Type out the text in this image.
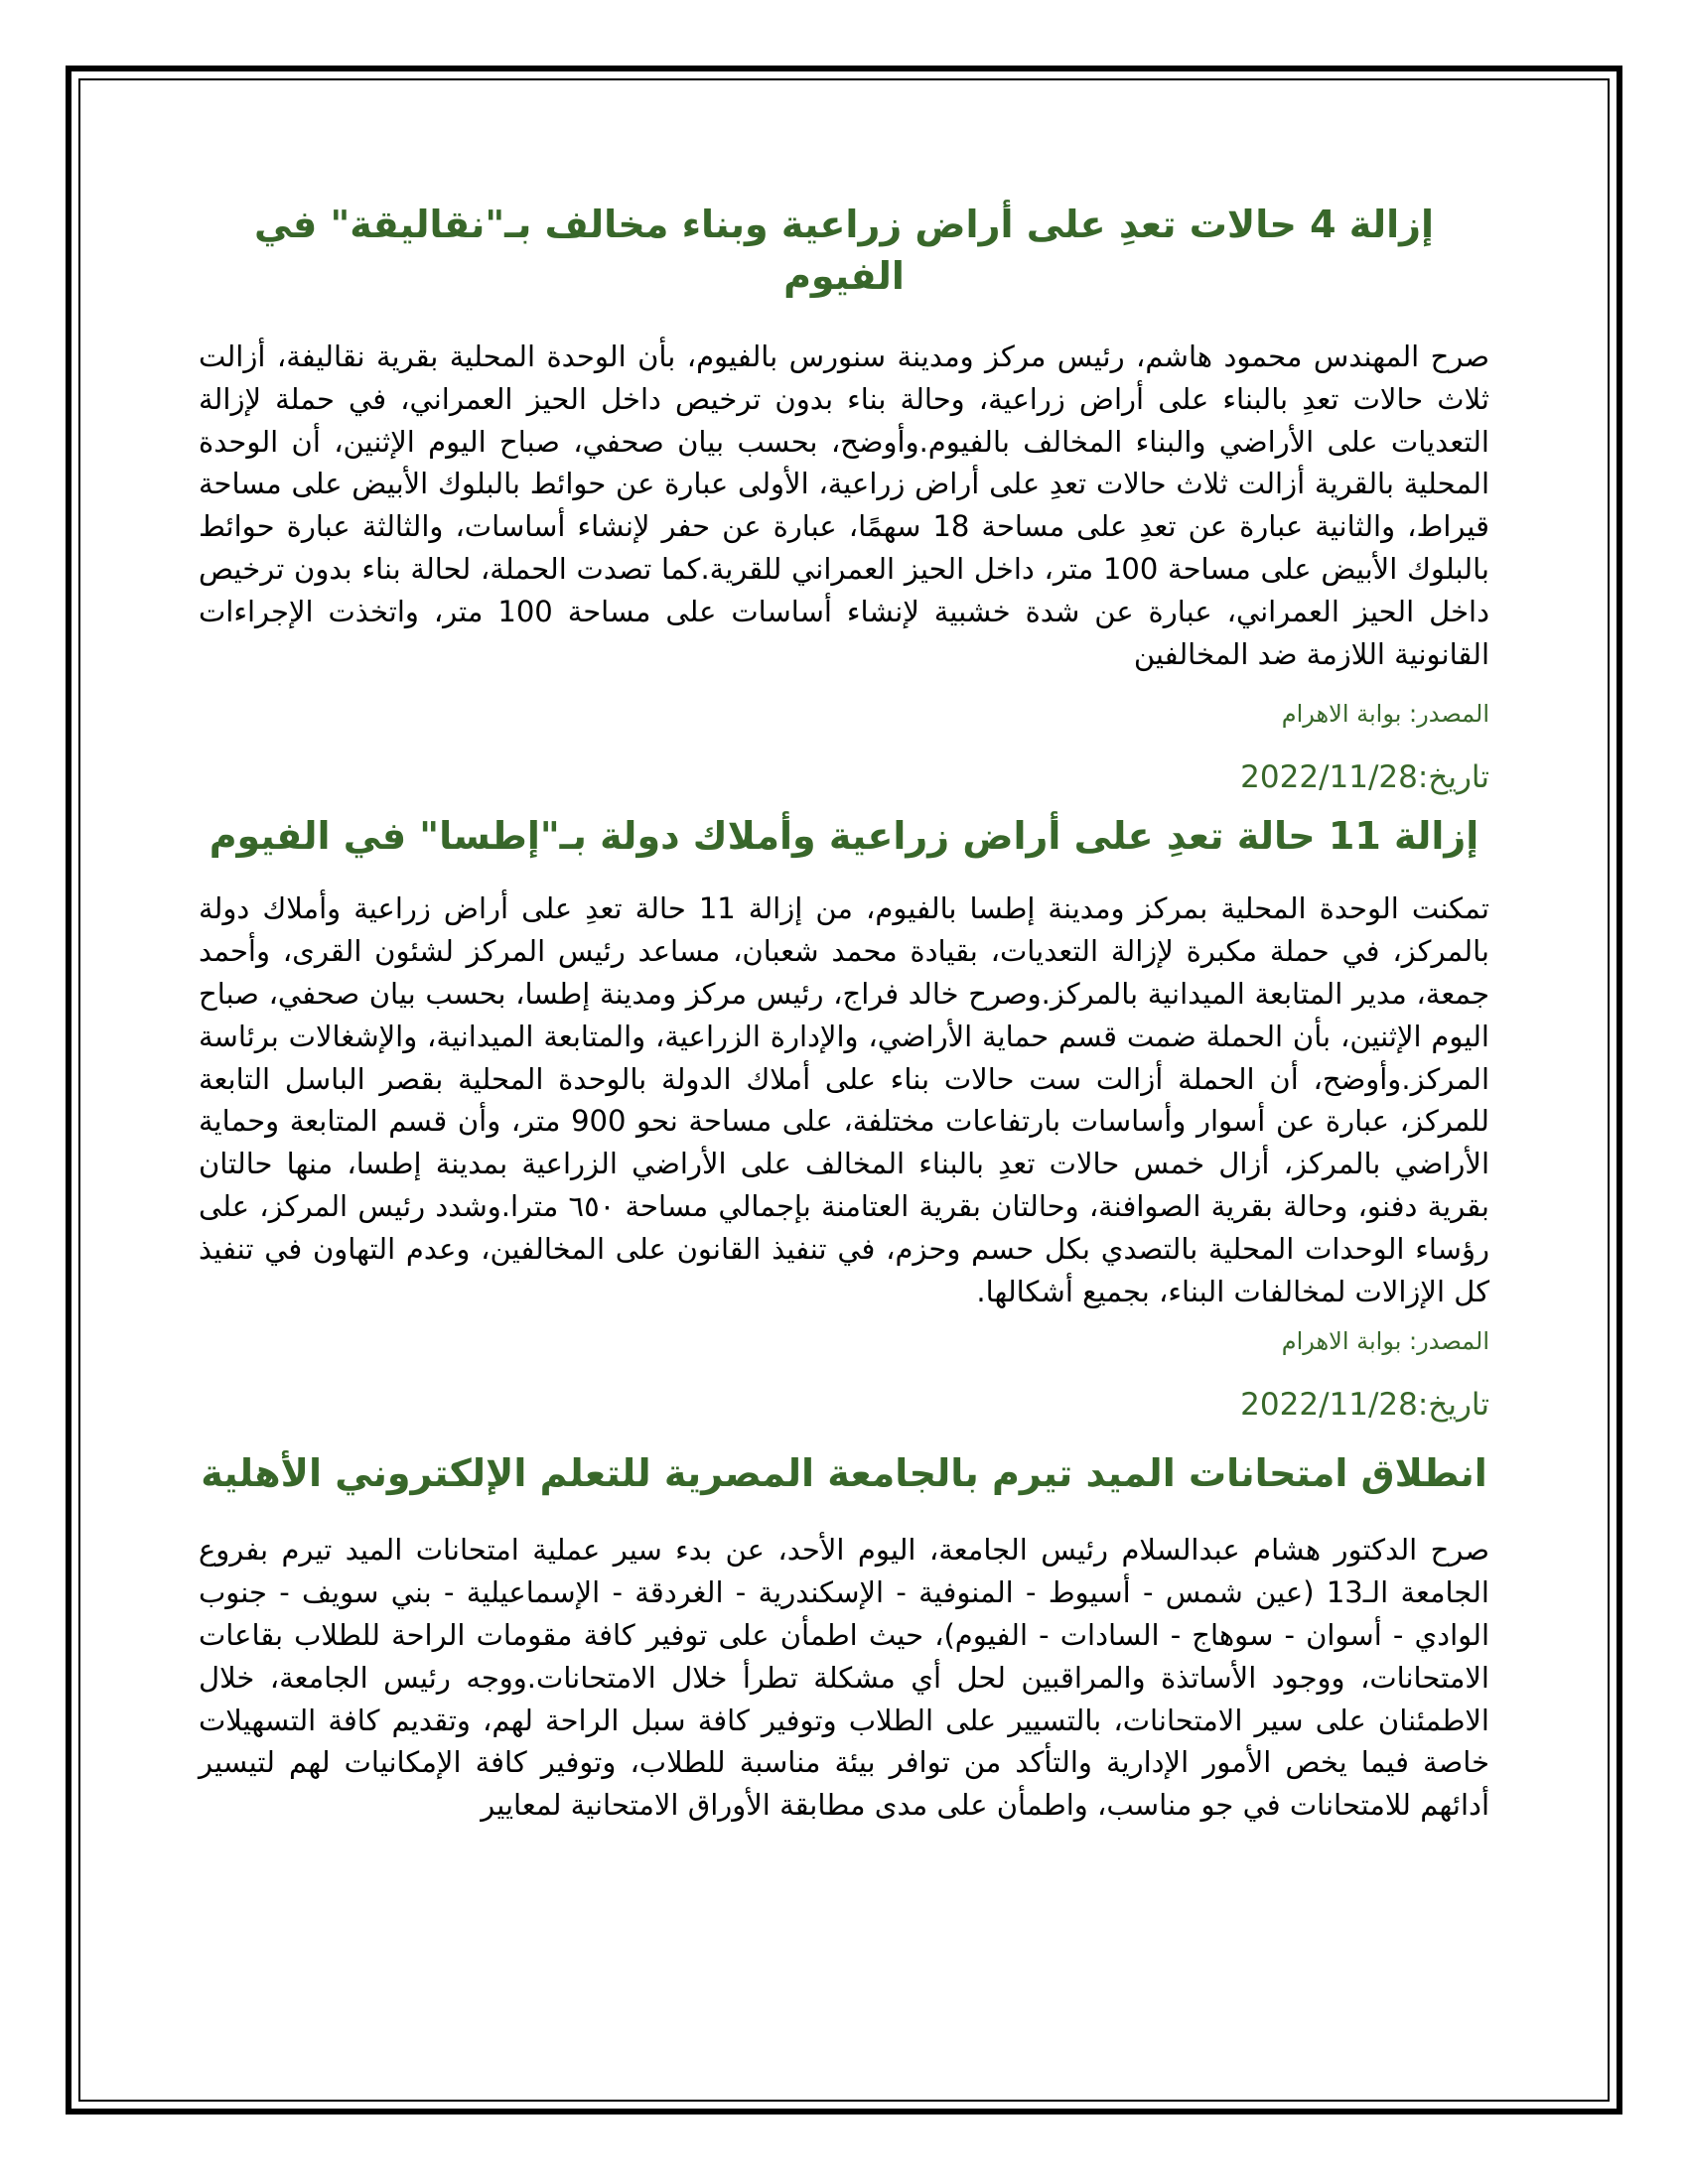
إزالة 4 حالات تعدِ على أراض زراعية وبناء مخالف بـ"نقاليقة" في الفيوم

صرح المهندس محمود هاشم، رئيس مركز ومدينة سنورس بالفيوم، بأن الوحدة المحلية بقرية نقاليفة، أزالت ثلاث حالات تعدِ بالبناء على أراض زراعية، وحالة بناء بدون ترخيص داخل الحيز العمراني، في حملة لإزالة التعديات على الأراضي والبناء المخالف بالفيوم.وأوضح، بحسب بيان صحفي، صباح اليوم الإثنين، أن الوحدة المحلية بالقرية أزالت ثلاث حالات تعدِ على أراض زراعية، الأولى عبارة عن حوائط بالبلوك الأبيض على مساحة قيراط، والثانية عبارة عن تعدِ على مساحة 18 سهمًا، عبارة عن حفر لإنشاء أساسات، والثالثة عبارة حوائط بالبلوك الأبيض على مساحة 100 متر، داخل الحيز العمراني للقرية.كما تصدت الحملة، لحالة بناء بدون ترخيص داخل الحيز العمراني، عبارة عن شدة خشبية لإنشاء أساسات على مساحة 100 متر، واتخذت الإجراءات القانونية اللازمة ضد المخالفين

المصدر: بوابة الاهرام

تاريخ:2022/11/28

إزالة 11 حالة تعدِ على أراض زراعية وأملاك دولة بـ"إطسا" في الفيوم

تمكنت الوحدة المحلية بمركز ومدينة إطسا بالفيوم، من إزالة 11 حالة تعدِ على أراض زراعية وأملاك دولة بالمركز، في حملة مكبرة لإزالة التعديات، بقيادة محمد شعبان، مساعد رئيس المركز لشئون القرى، وأحمد جمعة، مدير المتابعة الميدانية بالمركز.وصرح خالد فراج، رئيس مركز ومدينة إطسا، بحسب بيان صحفي، صباح اليوم الإثنين، بأن الحملة ضمت قسم حماية الأراضي، والإدارة الزراعية، والمتابعة الميدانية، والإشغالات برئاسة المركز.وأوضح، أن الحملة أزالت ست حالات بناء على أملاك الدولة بالوحدة المحلية بقصر الباسل التابعة للمركز، عبارة عن أسوار وأساسات بارتفاعات مختلفة، على مساحة نحو 900 متر، وأن قسم المتابعة وحماية الأراضي بالمركز، أزال خمس حالات تعدِ بالبناء المخالف على الأراضي الزراعية بمدينة إطسا، منها حالتان بقرية دفنو، وحالة بقرية الصوافنة، وحالتان بقرية العتامنة بإجمالي مساحة ٦٥٠ مترا.وشدد رئيس المركز، على رؤساء الوحدات المحلية بالتصدي بكل حسم وحزم، في تنفيذ القانون على المخالفين، وعدم التهاون في تنفيذ كل الإزالات لمخالفات البناء، بجميع أشكالها.

المصدر: بوابة الاهرام

تاريخ:2022/11/28

انطلاق امتحانات الميد تيرم بالجامعة المصرية للتعلم الإلكتروني الأهلية

صرح الدكتور هشام عبدالسلام رئيس الجامعة، اليوم الأحد، عن بدء سير عملية امتحانات الميد تيرم بفروع الجامعة الـ13 (عين شمس - أسيوط - المنوفية - الإسكندرية - الغردقة - الإسماعيلية - بني سويف - جنوب الوادي - أسوان - سوهاج - السادات - الفيوم)، حيث اطمأن على توفير كافة مقومات الراحة للطلاب بقاعات الامتحانات، ووجود الأساتذة والمراقبين لحل أي مشكلة تطرأ خلال الامتحانات.ووجه رئيس الجامعة، خلال الاطمئنان على سير الامتحانات، بالتسيير على الطلاب وتوفير كافة سبل الراحة لهم، وتقديم كافة التسهيلات خاصة فيما يخص الأمور الإدارية والتأكد من توافر بيئة مناسبة للطلاب، وتوفير كافة الإمكانيات لهم لتيسير أدائهم للامتحانات في جو مناسب، واطمأن على مدى مطابقة الأوراق الامتحانية لمعايير
